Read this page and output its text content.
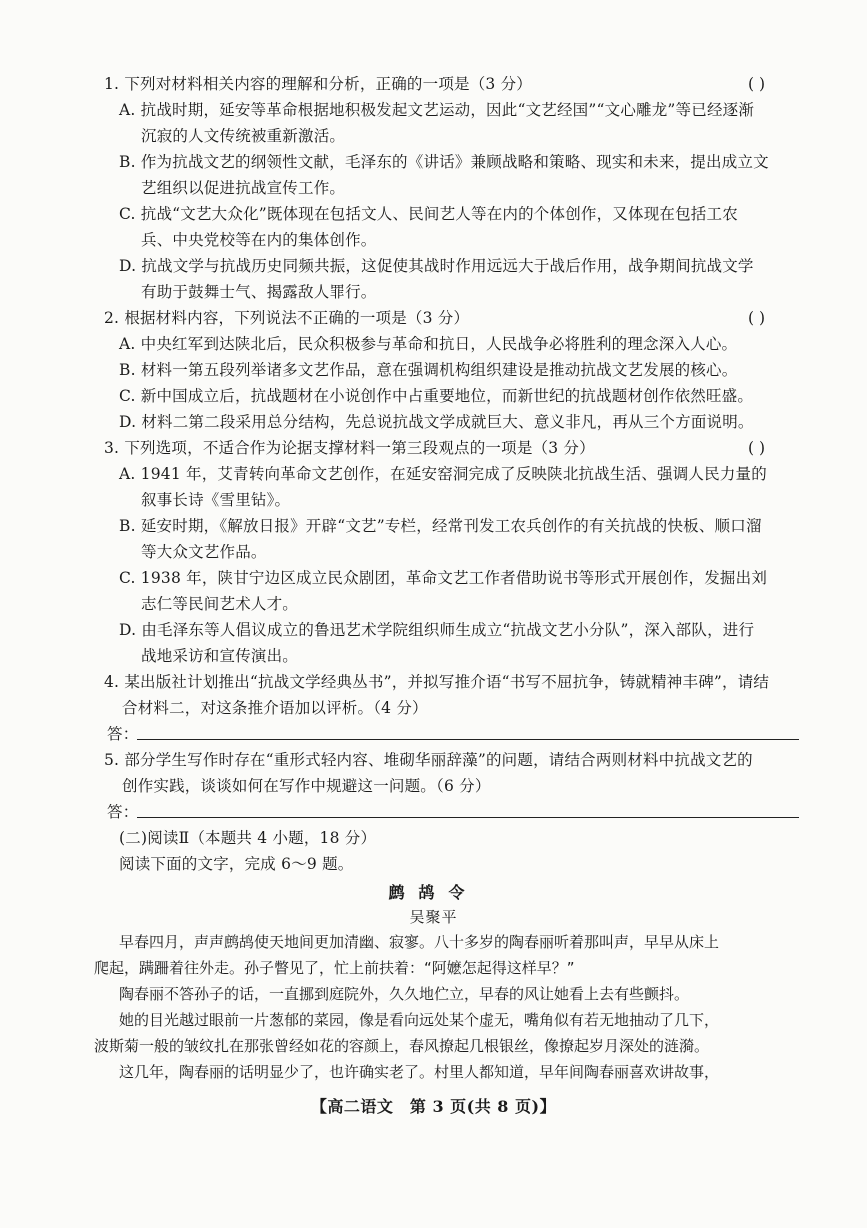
1. 下列对材料相关内容的理解和分析，正确的一项是（3 分）	( )
A. 抗战时期，延安等革命根据地积极发起文艺运动，因此“文艺经国”“文心雕龙”等已经逐渐
沉寂的人文传统被重新激活。
B. 作为抗战文艺的纲领性文献，毛泽东的《讲话》兼顾战略和策略、现实和未来，提出成立文
艺组织以促进抗战宣传工作。
C. 抗战“文艺大众化”既体现在包括文人、民间艺人等在内的个体创作，又体现在包括工农
兵、中央党校等在内的集体创作。
D. 抗战文学与抗战历史同频共振，这促使其战时作用远远大于战后作用，战争期间抗战文学
有助于鼓舞士气、揭露敌人罪行。
2. 根据材料内容，下列说法不正确的一项是（3 分）	( )
A. 中央红军到达陕北后，民众积极参与革命和抗日，人民战争必将胜利的理念深入人心。
B. 材料一第五段列举诸多文艺作品，意在强调机构组织建设是推动抗战文艺发展的核心。
C. 新中国成立后，抗战题材在小说创作中占重要地位，而新世纪的抗战题材创作依然旺盛。
D. 材料二第二段采用总分结构，先总说抗战文学成就巨大、意义非凡，再从三个方面说明。
3. 下列选项，不适合作为论据支撑材料一第三段观点的一项是（3 分）	( )
A. 1941 年，艾青转向革命文艺创作，在延安窑洞完成了反映陕北抗战生活、强调人民力量的
叙事长诗《雪里钻》。
B. 延安时期，《解放日报》开辟“文艺”专栏，经常刊发工农兵创作的有关抗战的快板、顺口溜
等大众文艺作品。
C. 1938 年，陕甘宁边区成立民众剧团，革命文艺工作者借助说书等形式开展创作，发掘出刘
志仁等民间艺术人才。
D. 由毛泽东等人倡议成立的鲁迅艺术学院组织师生成立“抗战文艺小分队”，深入部队，进行
战地采访和宣传演出。
4. 某出版社计划推出“抗战文学经典丛书”，并拟写推介语“书写不屈抗争，铸就精神丰碑”，请结
合材料二，对这条推介语加以评析。（4 分）
答：
5. 部分学生写作时存在“重形式轻内容、堆砌华丽辞藻”的问题，请结合两则材料中抗战文艺的
创作实践，谈谈如何在写作中规避这一问题。（6 分）
答：
(二)阅读Ⅱ（本题共 4 小题，18 分）
阅读下面的文字，完成 6～9 题。
鹧鸪令
吴聚平
早春四月，声声鹧鸪使天地间更加清幽、寂寥。八十多岁的陶春丽听着那叫声，早早从床上
爬起，蹒跚着往外走。孙子瞥见了，忙上前扶着：“阿嬷怎起得这样早？”
陶春丽不答孙子的话，一直挪到庭院外，久久地伫立，早春的风让她看上去有些颤抖。
她的目光越过眼前一片葱郁的菜园，像是看向远处某个虚无，嘴角似有若无地抽动了几下，
波斯菊一般的皱纹扎在那张曾经如花的容颜上，春风撩起几根银丝，像撩起岁月深处的涟漪。
这几年，陶春丽的话明显少了，也许确实老了。村里人都知道，早年间陶春丽喜欢讲故事，
【高二语文　第 3 页(共 8 页)】
